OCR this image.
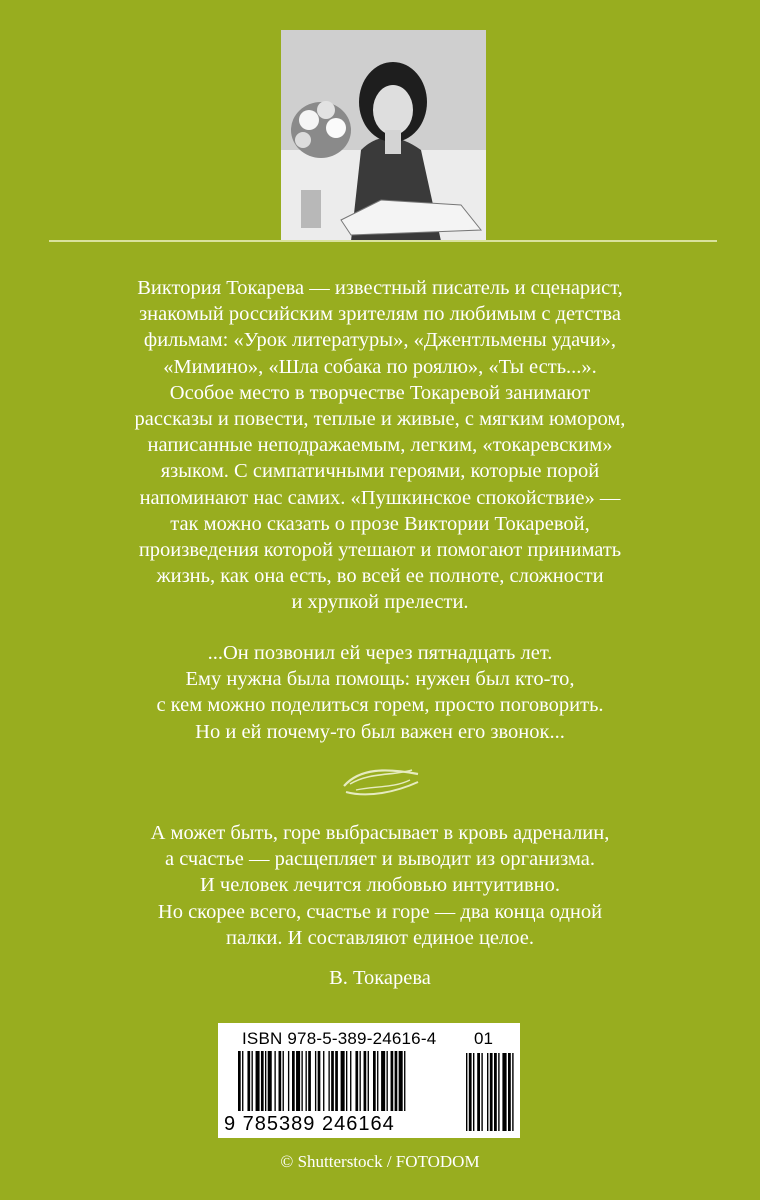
Виктория Токарева — известный писатель и сценарист,
знакомый российским зрителям по любимым с детства
фильмам: «Урок литературы», «Джентльмены удачи»,
«Мимино», «Шла собака по роялю», «Ты есть...».
Особое место в творчестве Токаревой занимают
рассказы и повести, теплые и живые, с мягким юмором,
написанные неподражаемым, легким, «токаревским»
языком. С симпатичными героями, которые порой
напоминают нас самих. «Пушкинское спокойствие» —
так можно сказать о прозе Виктории Токаревой,
произведения которой утешают и помогают принимать
жизнь, как она есть, во всей ее полноте, сложности
и хрупкой прелести.
...Он позвонил ей через пятнадцать лет.
Ему нужна была помощь: нужен был кто-то,
с кем можно поделиться горем, просто поговорить.
Но и ей почему-то был важен его звонок...
А может быть, горе выбрасывает в кровь адреналин,
а счастье — расщепляет и выводит из организма.
И человек лечится любовью интуитивно.
Но скорее всего, счастье и горе — два конца одной
палки. И составляют единое целое.
В. Токарева
ISBN 978-5-389-24616-4 01
9 785389 246164
© Shutterstock / FOTODOM
